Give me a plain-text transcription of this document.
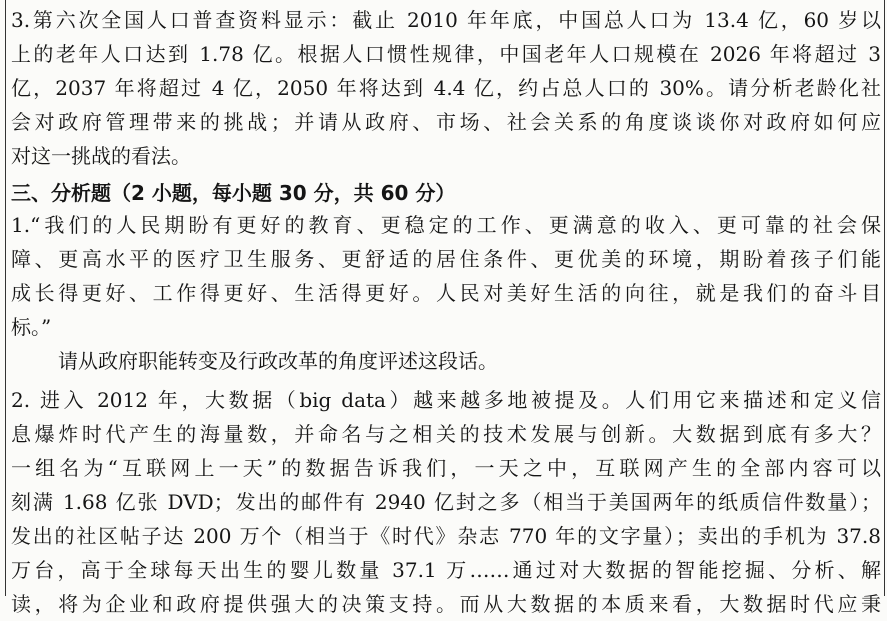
3.第六次全国人口普查资料显示：截止 2010 年年底，中国总人口为 13.4 亿，60 岁以
上的老年人口达到 1.78 亿。根据人口惯性规律，中国老年人口规模在 2026 年将超过 3
亿，2037 年将超过 4 亿，2050 年将达到 4.4 亿，约占总人口的 30%。请分析老龄化社
会对政府管理带来的挑战；并请从政府、市场、社会关系的角度谈谈你对政府如何应
对这一挑战的看法。
三、分析题（2 小题，每小题 30 分，共 60 分）
1.“我们的人民期盼有更好的教育、更稳定的工作、更满意的收入、更可靠的社会保
障、更高水平的医疗卫生服务、更舒适的居住条件、更优美的环境，期盼着孩子们能
成长得更好、工作得更好、生活得更好。人民对美好生活的向往，就是我们的奋斗目
标。”
请从政府职能转变及行政改革的角度评述这段话。
2. 进入 2012 年，大数据（big data）越来越多地被提及。人们用它来描述和定义信
息爆炸时代产生的海量数，并命名与之相关的技术发展与创新。大数据到底有多大？
一组名为“互联网上一天”的数据告诉我们，一天之中，互联网产生的全部内容可以
刻满 1.68 亿张 DVD；发出的邮件有 2940 亿封之多（相当于美国两年的纸质信件数量）；
发出的社区帖子达 200 万个（相当于《时代》杂志 770 年的文字量）；卖出的手机为 37.8
万台，高于全球每天出生的婴儿数量 37.1 万……通过对大数据的智能挖掘、分析、解
读，将为企业和政府提供强大的决策支持。而从大数据的本质来看，大数据时代应秉
